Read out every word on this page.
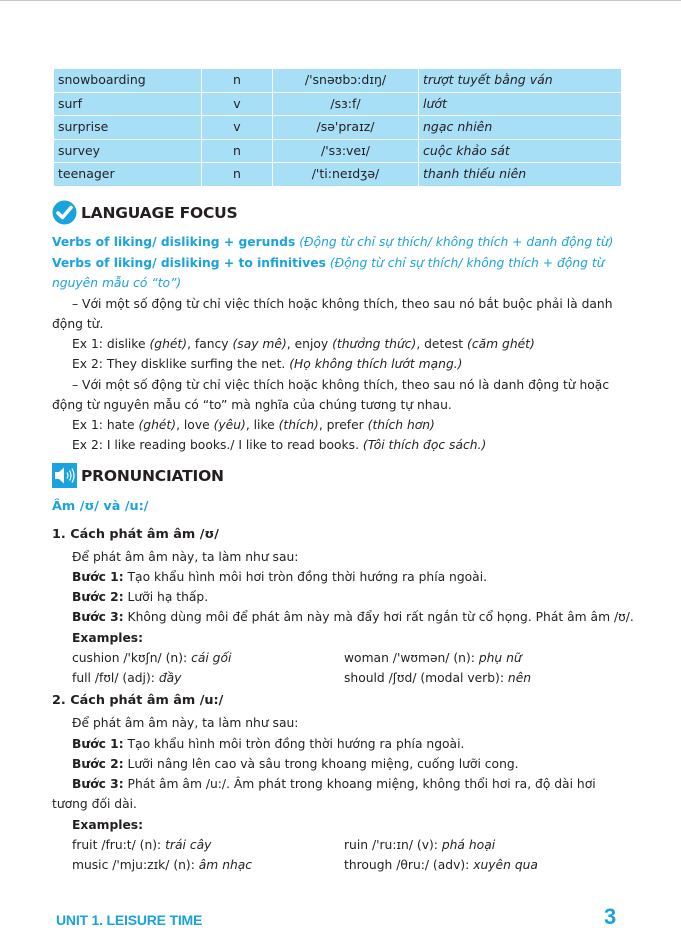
snowboarding	n	/'snəʊbɔ:dɪŋ/	trượt tuyết bằng ván
surf	v	/sɜ:f/	lướt
surprise	v	/sə'praɪz/	ngạc nhiên
survey	n	/'sɜ:veɪ/	cuộc khảo sát
teenager	n	/'ti:neɪdʒə/	thanh thiếu niên
LANGUAGE FOCUS
Verbs of liking/ disliking + gerunds (Động từ chỉ sự thích/ không thích + danh động từ)
Verbs of liking/ disliking + to infinitives (Động từ chỉ sự thích/ không thích + động từ nguyên mẫu có “to”)
– Với một số động từ chỉ việc thích hoặc không thích, theo sau nó bắt buộc phải là danh động từ.
Ex 1: dislike (ghét), fancy (say mê), enjoy (thưởng thức), detest (căm ghét)
Ex 2: They disklike surfing the net. (Họ không thích lướt mạng.)
– Với một số động từ chỉ việc thích hoặc không thích, theo sau nó là danh động từ hoặc động từ nguyên mẫu có “to” mà nghĩa của chúng tương tự nhau.
Ex 1: hate (ghét), love (yêu), like (thích), prefer (thích hơn)
Ex 2: I like reading books./ I like to read books. (Tôi thích đọc sách.)
PRONUNCIATION
Âm /ʊ/ và /u:/
1. Cách phát âm âm /ʊ/
Để phát âm âm này, ta làm như sau:
Bước 1: Tạo khẩu hình môi hơi tròn đồng thời hướng ra phía ngoài.
Bước 2: Lưỡi hạ thấp.
Bước 3: Không dùng môi để phát âm này mà đẩy hơi rất ngắn từ cổ họng. Phát âm âm /ʊ/.
Examples:
cushion /'kʊʃn/ (n): cái gối	woman /'wʊmən/ (n): phụ nữ
full /fʊl/ (adj): đầy	should /ʃʊd/ (modal verb): nên
2. Cách phát âm âm /u:/
Để phát âm âm này, ta làm như sau:
Bước 1: Tạo khẩu hình môi tròn đồng thời hướng ra phía ngoài.
Bước 2: Lưỡi nâng lên cao và sâu trong khoang miệng, cuống lưỡi cong.
Bước 3: Phát âm âm /u:/. Âm phát trong khoang miệng, không thổi hơi ra, độ dài hơi tương đối dài.
Examples:
fruit /fru:t/ (n): trái cây	ruin /'ru:ɪn/ (v): phá hoại
music /'mju:zɪk/ (n): âm nhạc	through /θru:/ (adv): xuyên qua
UNIT 1. LEISURE TIME	3
